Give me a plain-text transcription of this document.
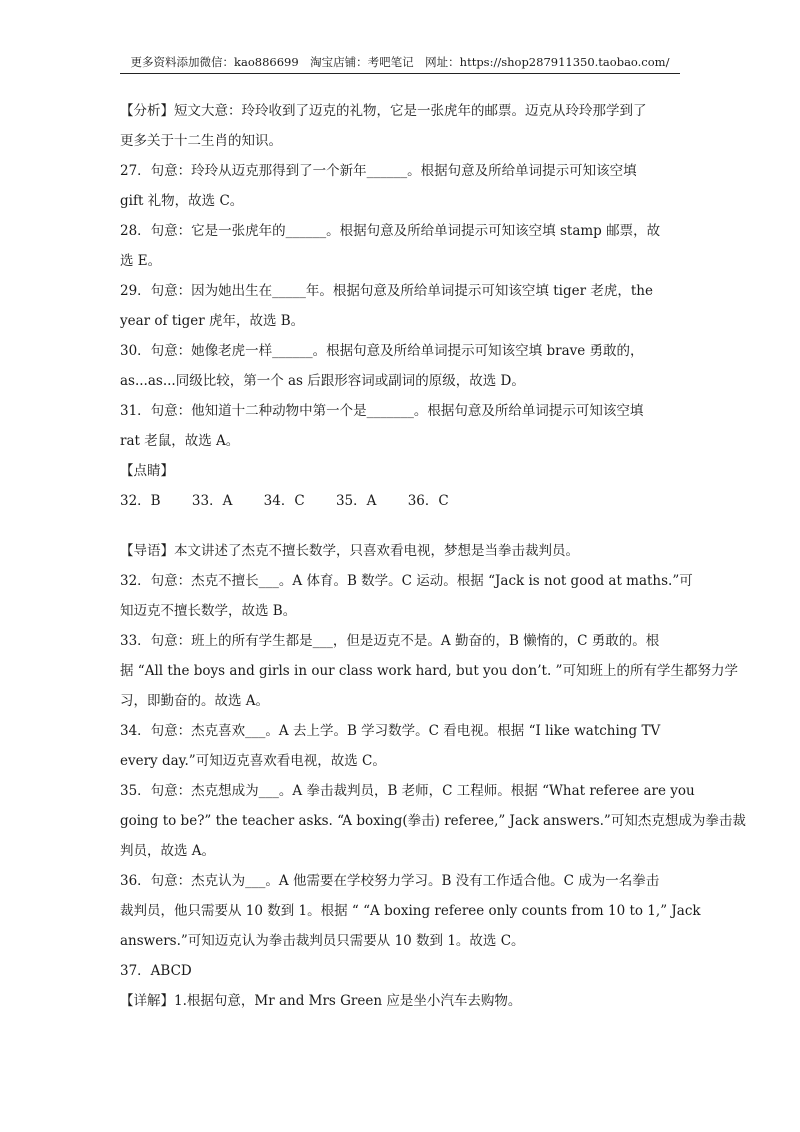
更多资料添加微信：kao886699　淘宝店铺：考吧笔记　网址：https://shop287911350.taobao.com/
【分析】短文大意：玲玲收到了迈克的礼物，它是一张虎年的邮票。迈克从玲玲那学到了
更多关于十二生肖的知识。
27．句意：玲玲从迈克那得到了一个新年______。根据句意及所给单词提示可知该空填
gift 礼物，故选 C。
28．句意：它是一张虎年的______。根据句意及所给单词提示可知该空填 stamp 邮票，故
选 E。
29．句意：因为她出生在_____年。根据句意及所给单词提示可知该空填 tiger 老虎，the
year of tiger 虎年，故选 B。
30．句意：她像老虎一样______。根据句意及所给单词提示可知该空填 brave 勇敢的，
as...as...同级比较，第一个 as 后跟形容词或副词的原级，故选 D。
31．句意：他知道十二种动物中第一个是_______。根据句意及所给单词提示可知该空填
rat 老鼠，故选 A。
【点睛】
32．B 33．A 34．C 35．A 36．C
【导语】本文讲述了杰克不擅长数学，只喜欢看电视，梦想是当拳击裁判员。
32．句意：杰克不擅长___。A 体育。B 数学。C 运动。根据 “Jack is not good at maths.”可
知迈克不擅长数学，故选 B。
33．句意：班上的所有学生都是___，但是迈克不是。A 勤奋的，B 懒惰的，C 勇敢的。根
据 “All the boys and girls in our class work hard, but you don’t. ”可知班上的所有学生都努力学
习，即勤奋的。故选 A。
34．句意：杰克喜欢___。A 去上学。B 学习数学。C 看电视。根据 “I like watching TV
every day.”可知迈克喜欢看电视，故选 C。
35．句意：杰克想成为___。A 拳击裁判员，B 老师，C 工程师。根据 “What referee are you
going to be?” the teacher asks. “A boxing(拳击) referee,” Jack answers.”可知杰克想成为拳击裁
判员，故选 A。
36．句意：杰克认为___。A 他需要在学校努力学习。B 没有工作适合他。C 成为一名拳击
裁判员，他只需要从 10 数到 1。根据 “ “A boxing referee only counts from 10 to 1,” Jack
answers.”可知迈克认为拳击裁判员只需要从 10 数到 1。故选 C。
37．ABCD
【详解】1.根据句意，Mr and Mrs Green 应是坐小汽车去购物。
